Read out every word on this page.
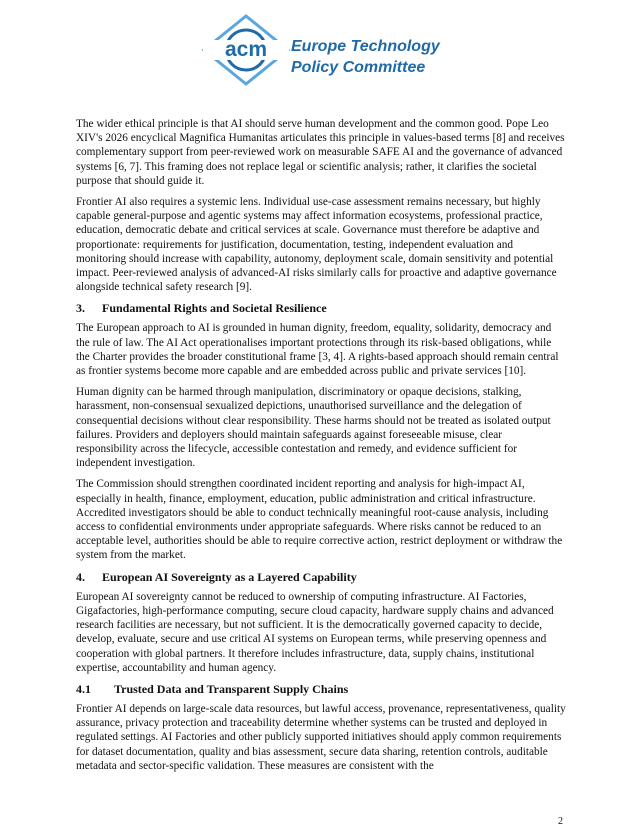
acm Europe Technology
Policy Committee

The wider ethical principle is that AI should serve human development and the common good. Pope Leo XIV's 2026 encyclical Magnifica Humanitas articulates this principle in values-based terms [8] and receives complementary support from peer-reviewed work on measurable SAFE AI and the governance of advanced systems [6, 7]. This framing does not replace legal or scientific analysis; rather, it clarifies the societal purpose that should guide it.

Frontier AI also requires a systemic lens. Individual use-case assessment remains necessary, but highly capable general-purpose and agentic systems may affect information ecosystems, professional practice, education, democratic debate and critical services at scale. Governance must therefore be adaptive and proportionate: requirements for justification, documentation, testing, independent evaluation and monitoring should increase with capability, autonomy, deployment scale, domain sensitivity and potential impact. Peer-reviewed analysis of advanced-AI risks similarly calls for proactive and adaptive governance alongside technical safety research [9].

3. Fundamental Rights and Societal Resilience

The European approach to AI is grounded in human dignity, freedom, equality, solidarity, democracy and the rule of law. The AI Act operationalises important protections through its risk-based obligations, while the Charter provides the broader constitutional frame [3, 4]. A rights-based approach should remain central as frontier systems become more capable and are embedded across public and private services [10].

Human dignity can be harmed through manipulation, discriminatory or opaque decisions, stalking, harassment, non-consensual sexualized depictions, unauthorised surveillance and the delegation of consequential decisions without clear responsibility. These harms should not be treated as isolated output failures. Providers and deployers should maintain safeguards against foreseeable misuse, clear responsibility across the lifecycle, accessible contestation and remedy, and evidence sufficient for independent investigation.

The Commission should strengthen coordinated incident reporting and analysis for high-impact AI, especially in health, finance, employment, education, public administration and critical infrastructure. Accredited investigators should be able to conduct technically meaningful root-cause analysis, including access to confidential environments under appropriate safeguards. Where risks cannot be reduced to an acceptable level, authorities should be able to require corrective action, restrict deployment or withdraw the system from the market.

4. European AI Sovereignty as a Layered Capability

European AI sovereignty cannot be reduced to ownership of computing infrastructure. AI Factories, Gigafactories, high-performance computing, secure cloud capacity, hardware supply chains and advanced research facilities are necessary, but not sufficient. It is the democratically governed capacity to decide, develop, evaluate, secure and use critical AI systems on European terms, while preserving openness and cooperation with global partners. It therefore includes infrastructure, data, supply chains, institutional expertise, accountability and human agency.

4.1 Trusted Data and Transparent Supply Chains

Frontier AI depends on large-scale data resources, but lawful access, provenance, representativeness, quality assurance, privacy protection and traceability determine whether systems can be trusted and deployed in regulated settings. AI Factories and other publicly supported initiatives should apply common requirements for dataset documentation, quality and bias assessment, secure data sharing, retention controls, auditable metadata and sector-specific validation. These measures are consistent with the

2
